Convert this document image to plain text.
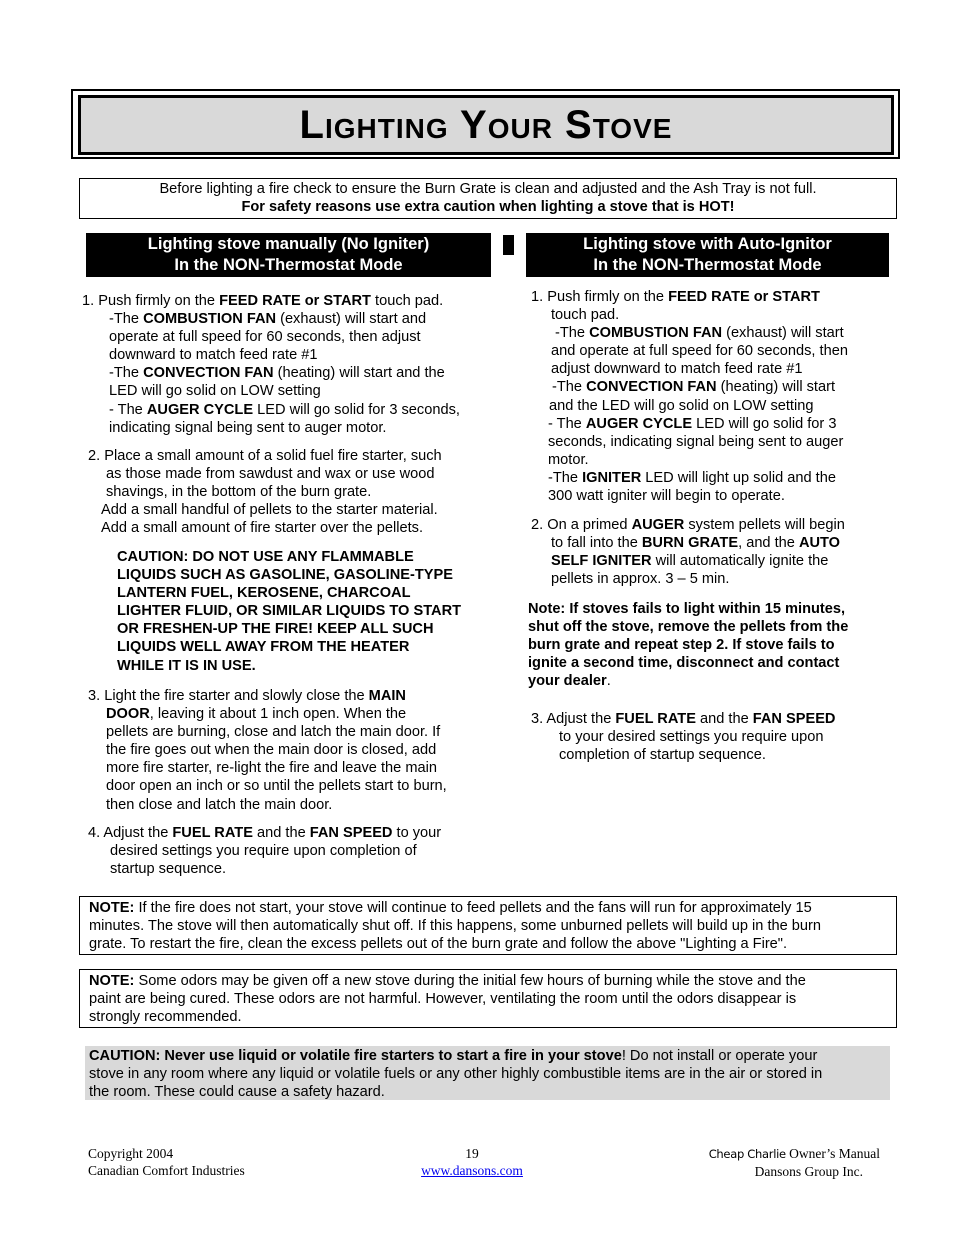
Lighting Your Stove

Before lighting a fire check to ensure the Burn Grate is clean and adjusted and the Ash Tray is not full.

For safety reasons use extra caution when lighting a stove that is HOT!

Lighting stove manually (No Igniter)

In the NON-Thermostat Mode

Lighting stove with Auto-Ignitor

In the NON-Thermostat Mode

1. Push firmly on the FEED RATE or START touch pad.

-The COMBUSTION FAN (exhaust) will start and

operate at full speed for 60 seconds, then adjust

downward to match feed rate #1

-The CONVECTION FAN (heating) will start and the

LED will go solid on LOW setting

- The AUGER CYCLE LED will go solid for 3 seconds,

indicating signal being sent to auger motor.

2. Place a small amount of a solid fuel fire starter, such

as those made from sawdust and wax or use wood

shavings, in the bottom of the burn grate.

Add a small handful of pellets to the starter material.

Add a small amount of fire starter over the pellets.

CAUTION: DO NOT USE ANY FLAMMABLE

LIQUIDS SUCH AS GASOLINE, GASOLINE-TYPE

LANTERN FUEL, KEROSENE, CHARCOAL

LIGHTER FLUID, OR SIMILAR LIQUIDS TO START

OR FRESHEN-UP THE FIRE! KEEP ALL SUCH

LIQUIDS WELL AWAY FROM THE HEATER

WHILE IT IS IN USE.

3. Light the fire starter and slowly close the MAIN

DOOR, leaving it about 1 inch open. When the

pellets are burning, close and latch the main door. If

the fire goes out when the main door is closed, add

more fire starter, re-light the fire and leave the main

door open an inch or so until the pellets start to burn,

then close and latch the main door.

4. Adjust the FUEL RATE and the FAN SPEED to your

desired settings you require upon completion of

startup sequence.

1. Push firmly on the FEED RATE or START

touch pad.

-The COMBUSTION FAN (exhaust) will start

and operate at full speed for 60 seconds, then

adjust downward to match feed rate #1

-The CONVECTION FAN (heating) will start

and the LED will go solid on LOW setting

- The AUGER CYCLE LED will go solid for 3

seconds, indicating signal being sent to auger

motor.

-The IGNITER LED will light up solid and the

300 watt igniter will begin to operate.

2. On a primed AUGER system pellets will begin

to fall into the BURN GRATE, and the AUTO

SELF IGNITER will automatically ignite the

pellets in approx. 3 – 5 min.

Note: If stoves fails to light within 15 minutes,

shut off the stove, remove the pellets from the

burn grate and repeat step 2. If stove fails to

ignite a second time, disconnect and contact

your dealer.

3. Adjust the FUEL RATE and the FAN SPEED

to your desired settings you require upon

completion of startup sequence.

NOTE: If the fire does not start, your stove will continue to feed pellets and the fans will run for approximately 15

minutes. The stove will then automatically shut off. If this happens, some unburned pellets will build up in the burn

grate. To restart the fire, clean the excess pellets out of the burn grate and follow the above "Lighting a Fire".

NOTE: Some odors may be given off a new stove during the initial few hours of burning while the stove and the

paint are being cured. These odors are not harmful. However, ventilating the room until the odors disappear is

strongly recommended.

CAUTION: Never use liquid or volatile fire starters to start a fire in your stove! Do not install or operate your

stove in any room where any liquid or volatile fuels or any other highly combustible items are in the air or stored in

the room. These could cause a safety hazard.

Copyright 2004

Canadian Comfort Industries

19

www.dansons.com

Cheap Charlie Owner’s Manual

Dansons Group Inc.
